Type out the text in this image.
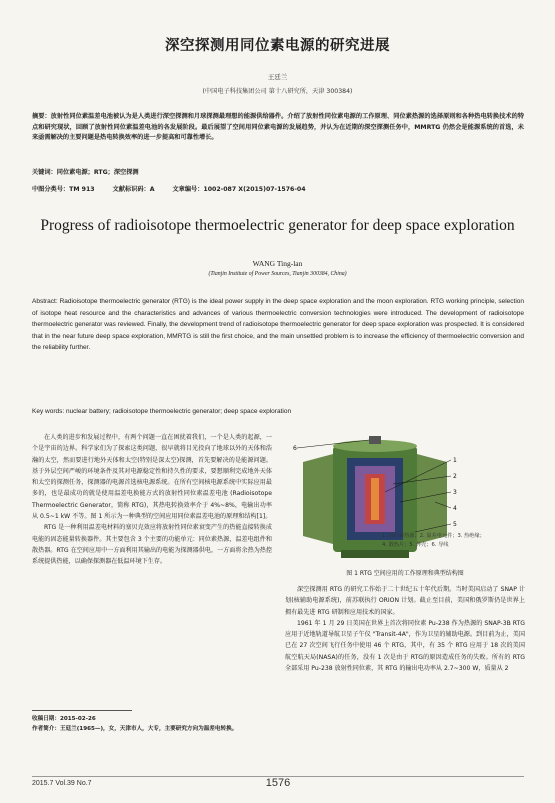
深空探测用同位素电源的研究进展
王廷兰
(中国电子科技集团公司 第十八研究所，天津 300384)
摘要：放射性同位素温差电池被认为是人类进行深空探测和月球探测最理想的能源供给器件。介绍了放射性同位素电源的工作原理、同位素热源的选择原则和各种热电转换技术的特点和研究现状，回顾了放射性同位素温差电池的各发展阶段。最后展望了空间用同位素电源的发展趋势，并认为在近期的深空探测任务中，MMRTG 仍然会是能源系统的首选，未来亟需解决的主要问题是热电转换效率的进一步提高和可靠性增长。
关键词：同位素电源；RTG；深空探测
中图分类号：TM 913	文献标识码：A	文章编号：1002-087 X(2015)07-1576-04
Progress of radioisotope thermoelectric generator for deep space exploration
WANG Ting-lan
(Tianjin Institute of Power Sources, Tianjin 300384, China)
Abstract: Radioisotope thermoelectric generator (RTG) is the ideal power supply in the deep space exploration and the moon exploration. RTG working principle, selection of isotope heat resource and the characteristics and advances of various thermoelectric conversion technologies were introduced. The development of radioisotope thermoelectric generator was reviewed. Finally, the development trend of radioisotope thermoelectric generator for deep space exploration was prospected. It is considered that in the near future deep space exploration, MMRTG is still the first choice, and the main unsettled problem is to increase the efficiency of thermoelectric conversion and the reliability further.
Key words: nuclear battery; radioisotope thermoelectric generator; deep space exploration

在人类的进步和发展过程中，有两个问题一直在困扰着我们，一个是人类的起源，一个是宇宙的边界。科学家们为了探索这类问题，很早就将目光投向了地球以外的天体和浩瀚的太空，然而要进行地外天体和太空(特别是深太空)探测，首先要解决的是能源问题。基于外层空间严峻的环境条件及其对电源稳定性和持久性的要求，要想顺利完成地外天体和太空的探测任务，探测器的电源首选核电源系统。在所有空间核电源系统中实际应用最多的，也是最成功的就是使用温差电换能方式的放射性同位素温差电池 (Radioisotope Thermoelectric Generator，简称 RTG)，其热电转换效率介于 4%~8%，电输出功率从 0.5~1 kW 不等。图 1 所示为一种典型的空间应用同位素温差电池的原理和结构[1]。

RTG 是一种利用温差电材料的塞贝克效应将放射性同位素衰变产生的热能直接转换成电能的固态能量转换器件。其主要包含 3 个主要的功能单元：同位素热源，温差电组件和散热器。RTG 在空间应用中一方面利用其输出的电能为探测器供电，一方面将余热为热控系统提供热能，以确保探测器在低温环境下生存。

收稿日期：2015-02-26
作者简介：王廷兰(1965—)，女，天津市人，大专，主要研究方向为温差电转换。
1
2
3
4
5
6
1. 同位素热源；2. 温差电元件；3. 热绝缘；
4. 散热片；5. 外壳；6. 导线
图 1 RTG 空间应用的工作原理和典型结构图

深空探测用 RTG 的研究工作始于二十世纪五十年代后期。当时美国启动了 SNAP 计划(核辅助电源系统)，前苏联执行 ORION 计划。截止至目前，美国和俄罗斯仍是世界上拥有最先进 RTG 研制和应用技术的国家。

1961 年 1 月 29 日美国在世界上首次将同位素 Pu-238 作为热源的 SNAP-3B RTG 应用于近地轨道导航卫星子午仪 "Transit-4A"，作为卫星的辅助电源。到目前为止，美国已在 27 次空间飞行任务中使用 46 个 RTG，其中，有 35 个 RTG 应用于 18 次的美国航空航天局(NASA)的任务，没有 1 次是由于 RTG的原因造成任务的失败。所有的 RTG 全部采用 Pu-238 放射性同位素，其 RTG 的输出电功率从 2.7~300 W，质量从 2

2015.7 Vol.39 No.7	1576
